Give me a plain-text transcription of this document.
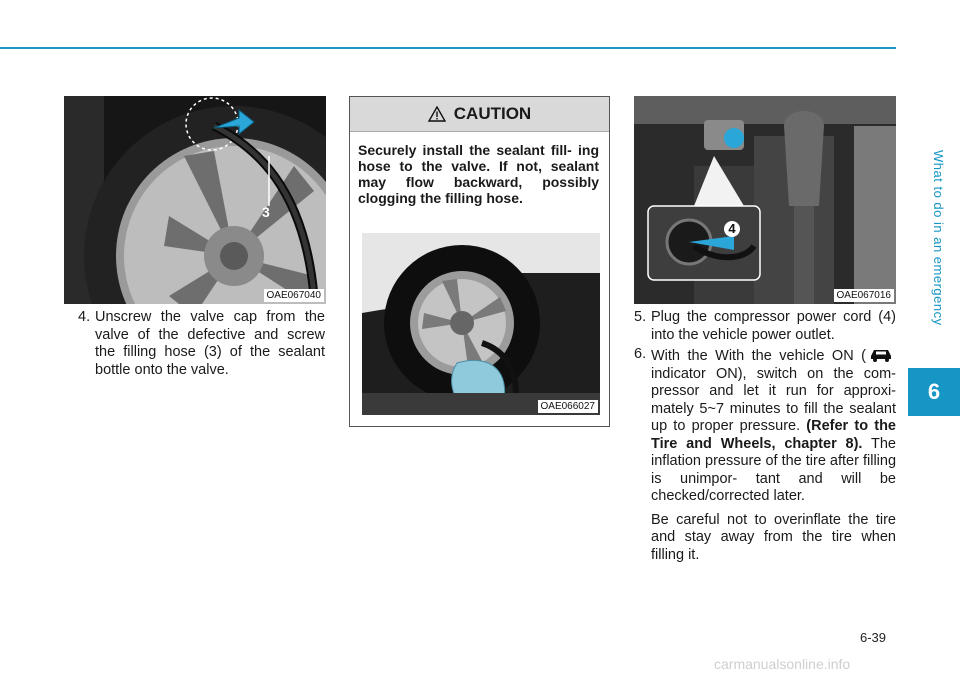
What to do in an emergency
6
3
OAE067040
4. Unscrew the valve cap from the valve of the defective and screw the filling hose (3) of the sealant bottle onto the valve.
CAUTION
Securely install the sealant fill- ing hose to the valve. If not, sealant may flow backward, possibly clogging the filling hose.
OAE066027
4
OAE067016
5. Plug the compressor power cord (4) into the vehicle power outlet.
6. With the With the vehicle ON ( indicator ON), switch on the com- pressor and let it run for approxi- mately 5~7 minutes to fill the sealant up to proper pressure. (Refer to the Tire and Wheels, chapter 8). The inflation pressure of the tire after filling is unimpor- tant and will be checked/corrected later.
Be careful not to overinflate the tire and stay away from the tire when filling it.
6-39
carmanualsonline.info
